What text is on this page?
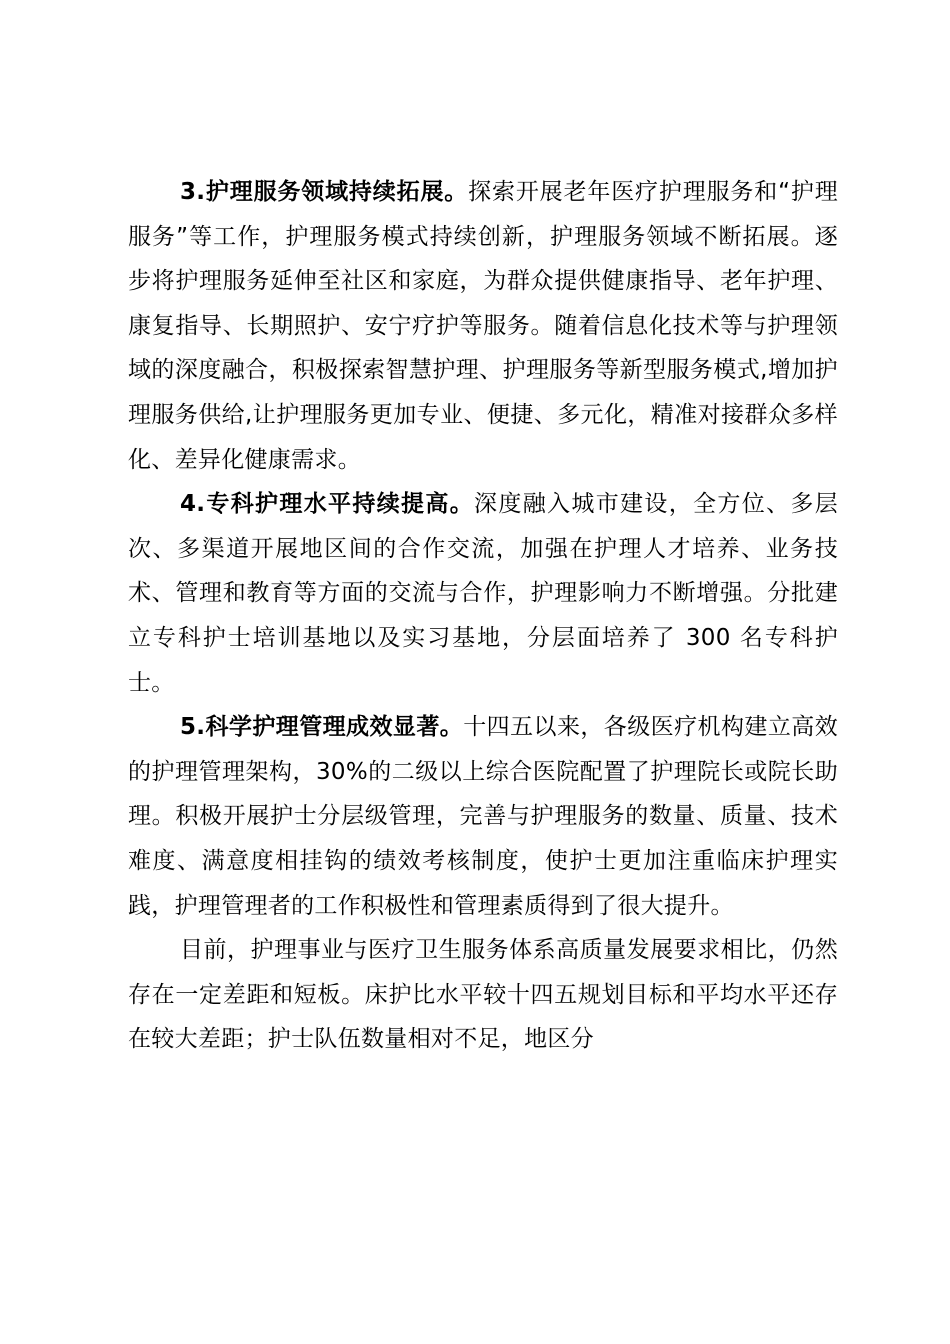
3.护理服务领域持续拓展。探索开展老年医疗护理服务和“护理服务”等工作，护理服务模式持续创新，护理服务领域不断拓展。逐步将护理服务延伸至社区和家庭，为群众提供健康指导、老年护理、康复指导、长期照护、安宁疗护等服务。随着信息化技术等与护理领域的深度融合，积极探索智慧护理、护理服务等新型服务模式,增加护理服务供给,让护理服务更加专业、便捷、多元化，精准对接群众多样化、差异化健康需求。

4.专科护理水平持续提高。深度融入城市建设，全方位、多层次、多渠道开展地区间的合作交流，加强在护理人才培养、业务技术、管理和教育等方面的交流与合作，护理影响力不断增强。分批建立专科护士培训基地以及实习基地，分层面培养了 300 名专科护士。

5.科学护理管理成效显著。十四五以来，各级医疗机构建立高效的护理管理架构，30%的二级以上综合医院配置了护理院长或院长助理。积极开展护士分层级管理，完善与护理服务的数量、质量、技术难度、满意度相挂钩的绩效考核制度，使护士更加注重临床护理实践，护理管理者的工作积极性和管理素质得到了很大提升。

目前，护理事业与医疗卫生服务体系高质量发展要求相比，仍然存在一定差距和短板。床护比水平较十四五规划目标和平均水平还存在较大差距；护士队伍数量相对不足，地区分
